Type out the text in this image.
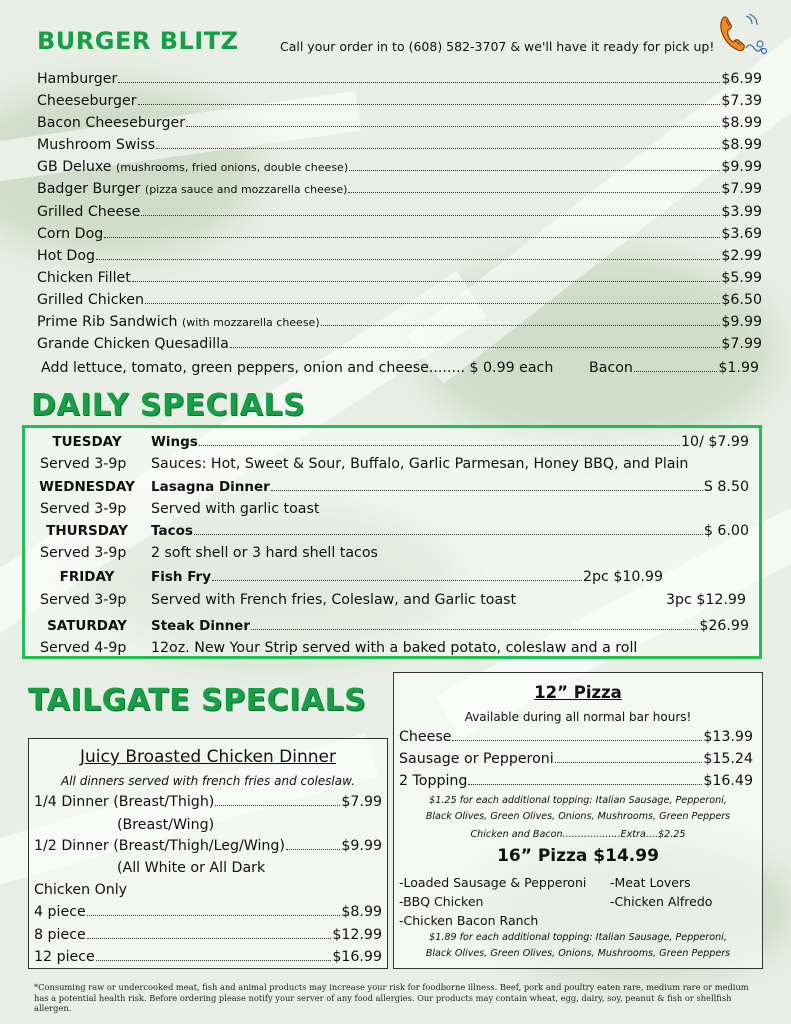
BURGER BLITZ	Call your order in to (608) 582-3707 & we'll have it ready for pick up!
Hamburger	$6.99
Cheeseburger	$7.39
Bacon Cheeseburger	$8.99
Mushroom Swiss	$8.99
GB Deluxe (mushrooms, fried onions, double cheese)	$9.99
Badger Burger (pizza sauce and mozzarella cheese)	$7.99
Grilled Cheese	$3.99
Corn Dog	$3.69
Hot Dog	$2.99
Chicken Fillet	$5.99
Grilled Chicken	$6.50
Prime Rib Sandwich (with mozzarella cheese)	$9.99
Grande Chicken Quesadilla	$7.99
Add lettuce, tomato, green peppers, onion and cheese........ $ 0.99 each	Bacon	$1.99
DAILY SPECIALS
TUESDAY	Wings	10/ $7.99
Served 3-9p Sauces: Hot, Sweet & Sour, Buffalo, Garlic Parmesan, Honey BBQ, and Plain
WEDNESDAY	Lasagna Dinner	S 8.50
Served 3-9p Served with garlic toast
THURSDAY	Tacos	$ 6.00
Served 3-9p 2 soft shell or 3 hard shell tacos
FRIDAY	Fish Fry	2pc $10.99
Served 3-9p Served with French fries, Coleslaw, and Garlic toast	3pc $12.99
SATURDAY	Steak Dinner	$26.99
Served 4-9p 12oz. New Your Strip served with a baked potato, coleslaw and a roll
TAILGATE SPECIALS
Juicy Broasted Chicken Dinner
All dinners served with french fries and coleslaw.
1/4 Dinner (Breast/Thigh)	$7.99
(Breast/Wing)
1/2 Dinner (Breast/Thigh/Leg/Wing)	$9.99
(All White or All Dark
Chicken Only
4 piece	$8.99
8 piece	$12.99
12 piece	$16.99
12” Pizza
Available during all normal bar hours!
Cheese	$13.99
Sausage or Pepperoni	$15.24
2 Topping	$16.49
$1.25 for each additional topping: Italian Sausage, Pepperoni,
Black Olives, Green Olives, Onions, Mushrooms, Green Peppers
Chicken and Bacon...................Extra....$2.25
16” Pizza $14.99
-Loaded Sausage & Pepperoni -Meat Lovers
-BBQ Chicken	-Chicken Alfredo
-Chicken Bacon Ranch
$1.89 for each additional topping: Italian Sausage, Pepperoni,
Black Olives, Green Olives, Onions, Mushrooms, Green Peppers
*Consuming raw or undercooked meat, fish and animal products may increase your risk for foodborne illness. Beef, pork and poultry eaten rare, medium rare or medium has a potential health risk. Before ordering please notify your server of any food allergies. Our products may contain wheat, egg, dairy, soy, peanut & fish or shellfish allergen.
